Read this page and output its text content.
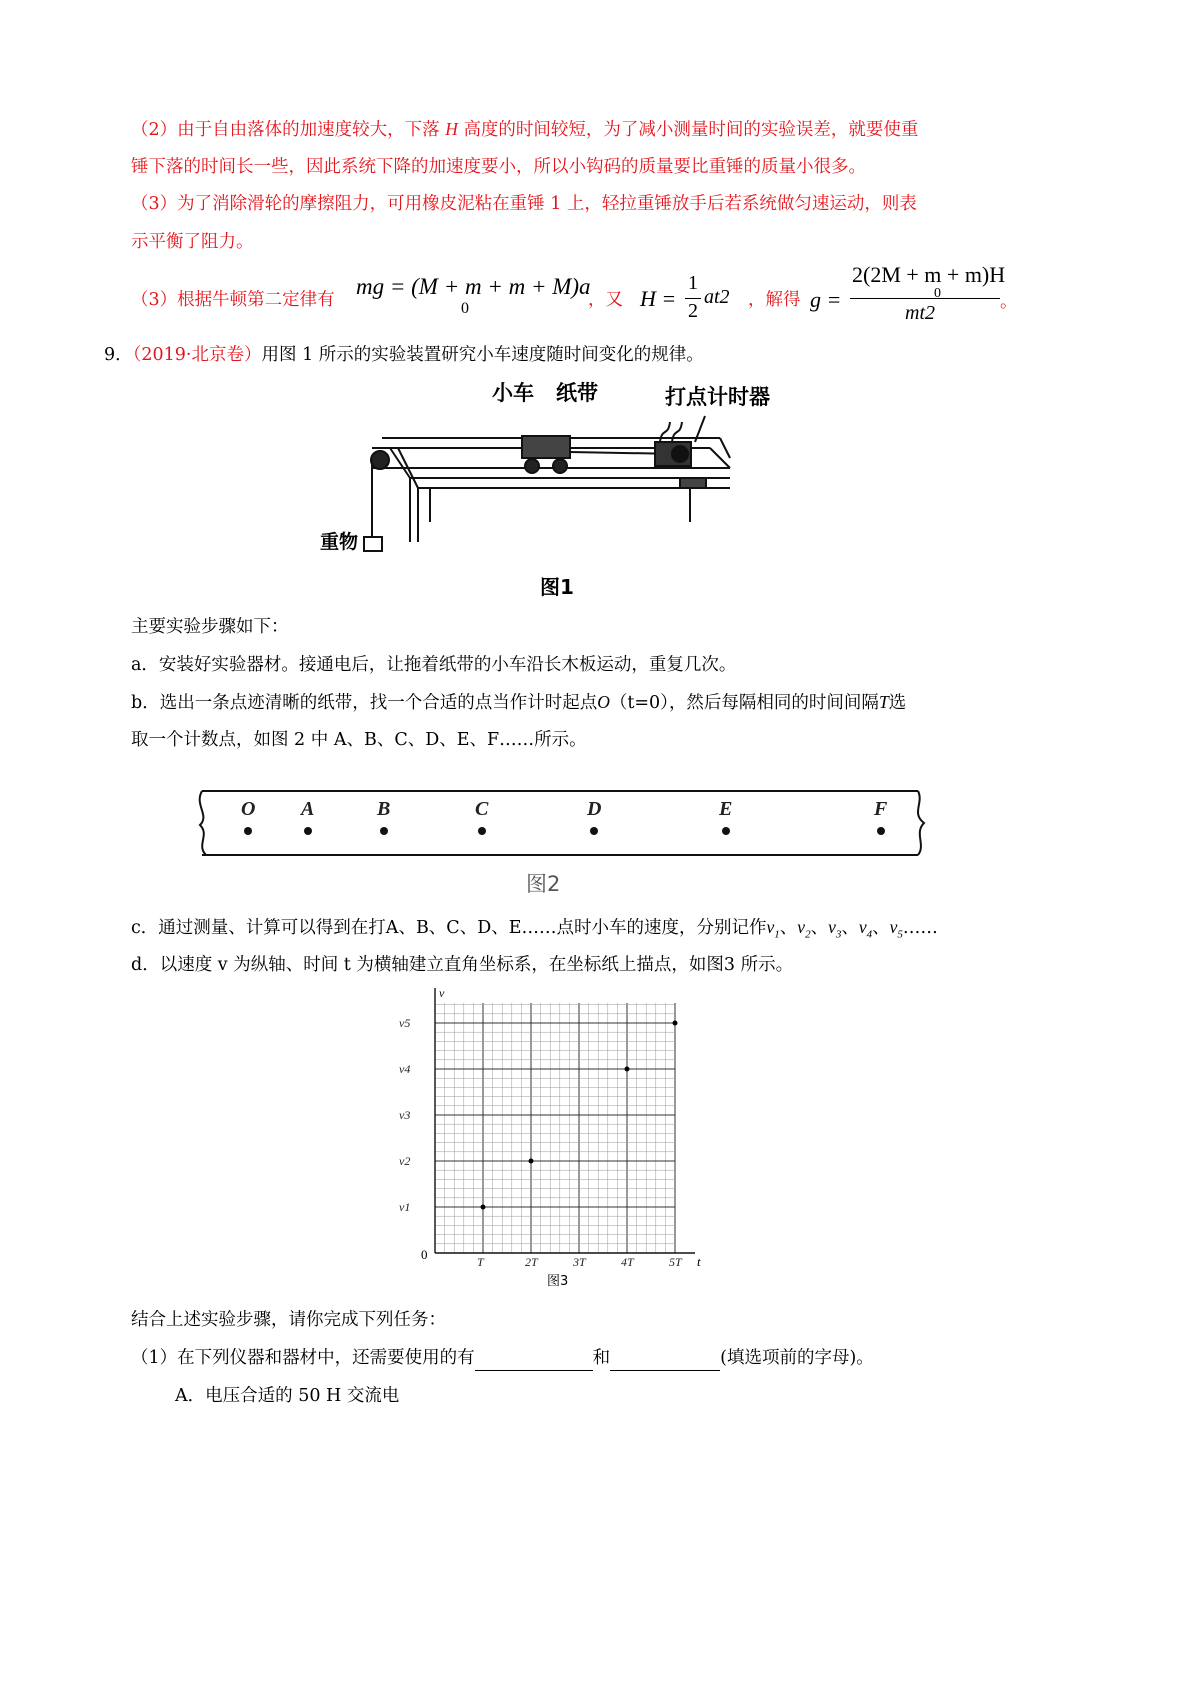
（2）由于自由落体的加速度较大，下落 H 高度的时间较短，为了减小测量时间的实验误差，就要使重
锤下落的时间长一些，因此系统下降的加速度要小，所以小钩码的质量要比重锤的质量小很多。
（3）为了消除滑轮的摩擦阻力，可用橡皮泥粘在重锤 1 上，轻拉重锤放手后若系统做匀速运动，则表
示平衡了阻力。
（3）根据牛顿第二定律有
mg = (M + m + m + M)a
0	，又 H =
1
2
at2 ，解得 g =
2(2M + m + m)H
0
mt2	。
9．（2019·北京卷）用图 1 所示的实验装置研究小车速度随时间变化的规律。
小车 纸带	打点计时器
重物
图1
主要实验步骤如下：
a．安装好实验器材。接通电后，让拖着纸带的小车沿长木板运动，重复几次。
b．选出一条点迹清晰的纸带，找一个合适的点当作计时起点O（t=0），然后每隔相同的时间间隔T选
取一个计数点，如图 2 中 A、B、C、D、E、F……所示。
O A	B	C	D	E	F
图2
c．通过测量、计算可以得到在打A、B、C、D、E……点时小车的速度，分别记作$v_1$、$v_2$、$v_3$、$v_4$、$v_5\dots\dots$
d．以速度 v 为纵轴、时间 t 为横轴建立直角坐标系，在坐标纸上描点，如图3 所示。
T	2T	3T	4T	5T
v1
v2
v3
v4
v5
v
t
0
图3
结合上述实验步骤，请你完成下列任务：
（1）在下列仪器和器材中，还需要使用的有	和	(填选项前的字母)。
A．电压合适的 50 H 交流电
